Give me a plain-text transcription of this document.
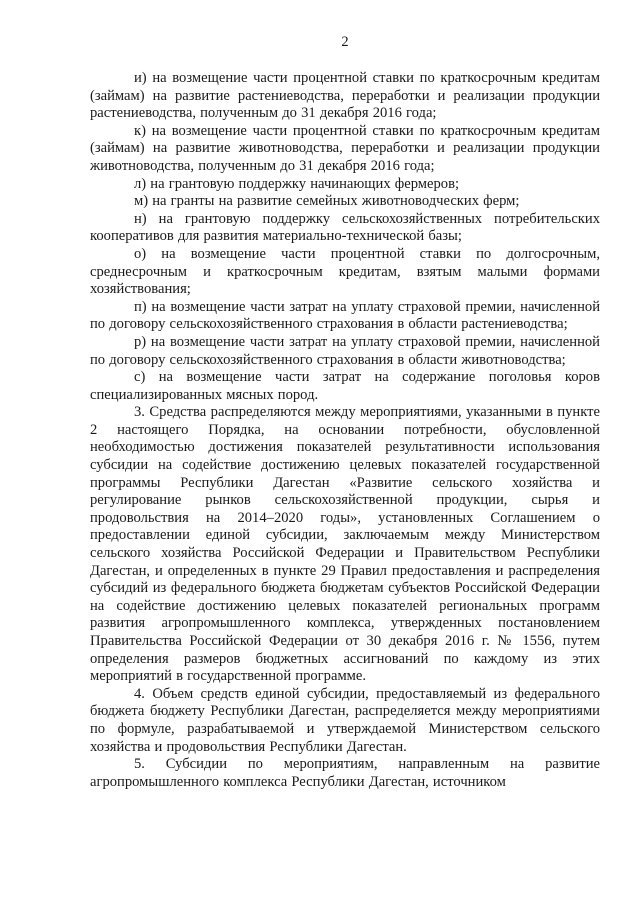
2

и) на возмещение части процентной ставки по краткосрочным кредитам (займам) на развитие растениеводства, переработки и реализации продукции растениеводства, полученным до 31 декабря 2016 года;

к) на возмещение части процентной ставки по краткосрочным кредитам (займам) на развитие животноводства, переработки и реализации продукции животноводства, полученным до 31 декабря 2016 года;

л) на грантовую поддержку начинающих фермеров;

м) на гранты на развитие семейных животноводческих ферм;

н) на грантовую поддержку сельскохозяйственных потребительских кооперативов для развития материально-технической базы;

о) на возмещение части процентной ставки по долгосрочным, среднесрочным и краткосрочным кредитам, взятым малыми формами хозяйствования;

п) на возмещение части затрат на уплату страховой премии, начисленной по договору сельскохозяйственного страхования в области растениеводства;

р) на возмещение части затрат на уплату страховой премии, начисленной по договору сельскохозяйственного страхования в области животноводства;

с) на возмещение части затрат на содержание поголовья коров специализированных мясных пород.

3. Средства распределяются между мероприятиями, указанными в пункте 2 настоящего Порядка, на основании потребности, обусловленной необходимостью достижения показателей результативности использования субсидии на содействие достижению целевых показателей государственной программы Республики Дагестан «Развитие сельского хозяйства и регулирование рынков сельскохозяйственной продукции, сырья и продовольствия на 2014–2020 годы», установленных Соглашением о предоставлении единой субсидии, заключаемым между Министерством сельского хозяйства Российской Федерации и Правительством Республики Дагестан, и определенных в пункте 29 Правил предоставления и распределения субсидий из федерального бюджета бюджетам субъектов Российской Федерации на содействие достижению целевых показателей региональных программ развития агропромышленного комплекса, утвержденных постановлением Правительства Российской Федерации от 30 декабря 2016 г. № 1556, путем определения размеров бюджетных ассигнований по каждому из этих мероприятий в государственной программе.

4. Объем средств единой субсидии, предоставляемый из федерального бюджета бюджету Республики Дагестан, распределяется между мероприятиями по формуле, разрабатываемой и утверждаемой Министерством сельского хозяйства и продовольствия Республики Дагестан.

5. Субсидии по мероприятиям, направленным на развитие агропромышленного комплекса Республики Дагестан, источником
